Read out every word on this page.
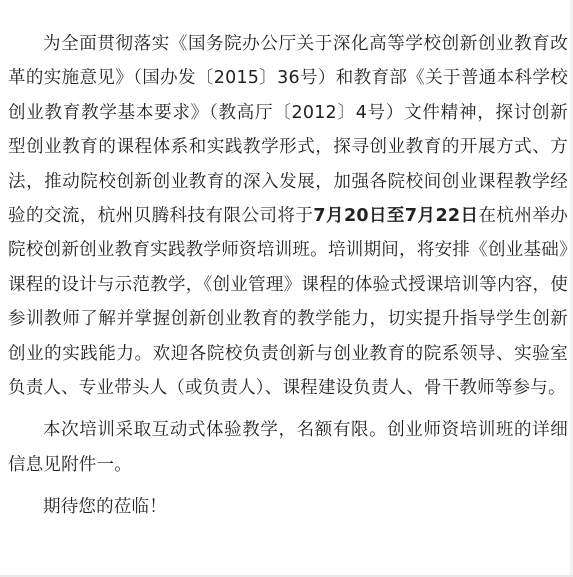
为全面贯彻落实《国务院办公厅关于深化高等学校创新创业教育改革的实施意见》（国办发〔2015〕36号）和教育部《关于普通本科学校创业教育教学基本要求》（教高厅〔2012〕4号）文件精神，探讨创新型创业教育的课程体系和实践教学形式，探寻创业教育的开展方式、方法，推动院校创新创业教育的深入发展，加强各院校间创业课程教学经验的交流，杭州贝腾科技有限公司将于7月20日至7月22日在杭州举办院校创新创业教育实践教学师资培训班。培训期间，将安排《创业基础》课程的设计与示范教学，《创业管理》课程的体验式授课培训等内容，使参训教师了解并掌握创新创业教育的教学能力，切实提升指导学生创新创业的实践能力。欢迎各院校负责创新与创业教育的院系领导、实验室负责人、专业带头人（或负责人）、课程建设负责人、骨干教师等参与。

本次培训采取互动式体验教学，名额有限。创业师资培训班的详细信息见附件一。

期待您的莅临！
